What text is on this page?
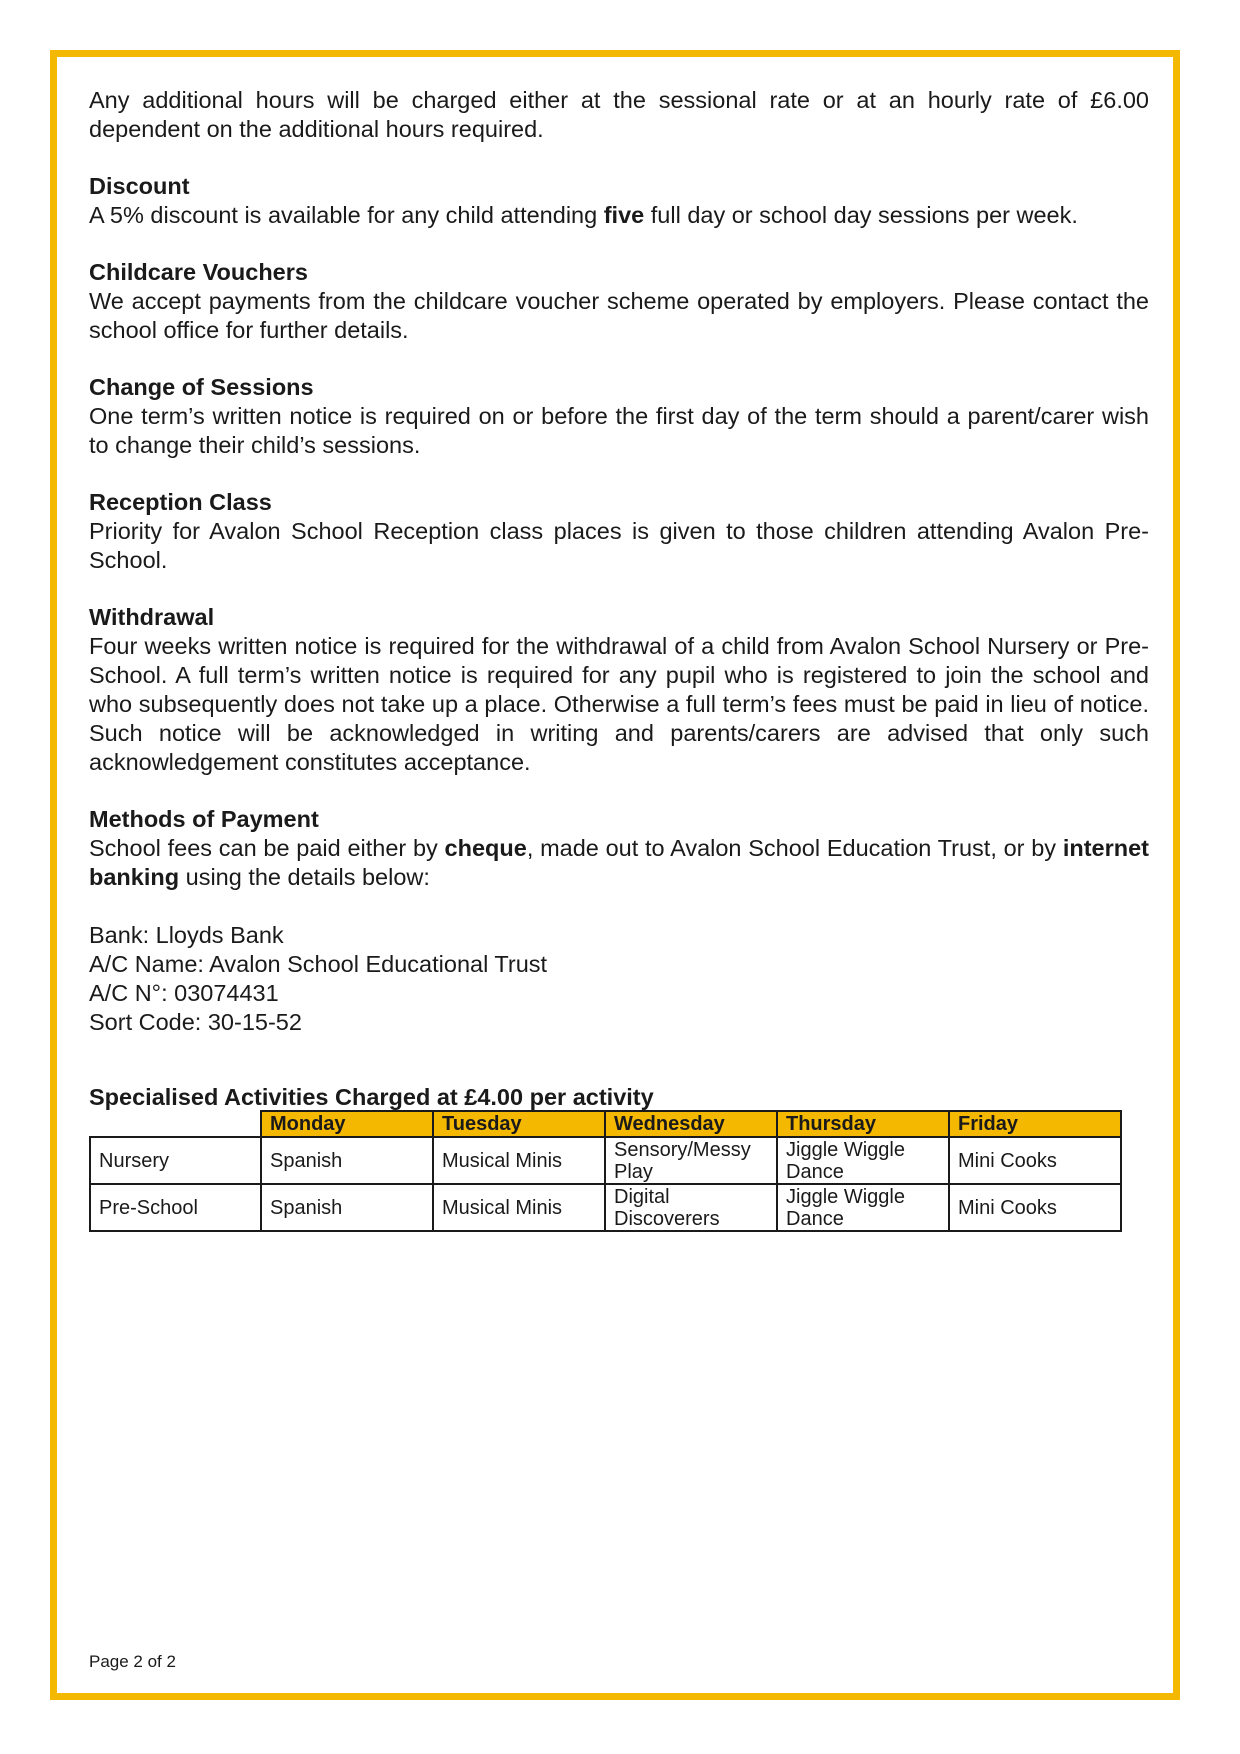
Any additional hours will be charged either at the sessional rate or at an hourly rate of £6.00 dependent on the additional hours required.

Discount

A 5% discount is available for any child attending five full day or school day sessions per week.

Childcare Vouchers

We accept payments from the childcare voucher scheme operated by employers. Please contact the school office for further details.

Change of Sessions

One term’s written notice is required on or before the first day of the term should a parent/carer wish to change their child’s sessions.

Reception Class

Priority for Avalon School Reception class places is given to those children attending Avalon Pre-School.

Withdrawal

Four weeks written notice is required for the withdrawal of a child from Avalon School Nursery or Pre-School. A full term’s written notice is required for any pupil who is registered to join the school and who subsequently does not take up a place. Otherwise a full term’s fees must be paid in lieu of notice. Such notice will be acknowledged in writing and parents/carers are advised that only such acknowledgement constitutes acceptance.

Methods of Payment

School fees can be paid either by cheque, made out to Avalon School Education Trust, or by internet banking using the details below:

Bank: Lloyds Bank
A/C Name: Avalon School Educational Trust
A/C N°: 03074431
Sort Code: 30-15-52
Specialised Activities Charged at £4.00 per activity
	Monday	Tuesday	Wednesday	Thursday	Friday
Nursery	Spanish	Musical Minis	Sensory/Messy Play	Jiggle Wiggle Dance	Mini Cooks
Pre-School	Spanish	Musical Minis	Digital Discoverers	Jiggle Wiggle Dance	Mini Cooks
Page 2 of 2
